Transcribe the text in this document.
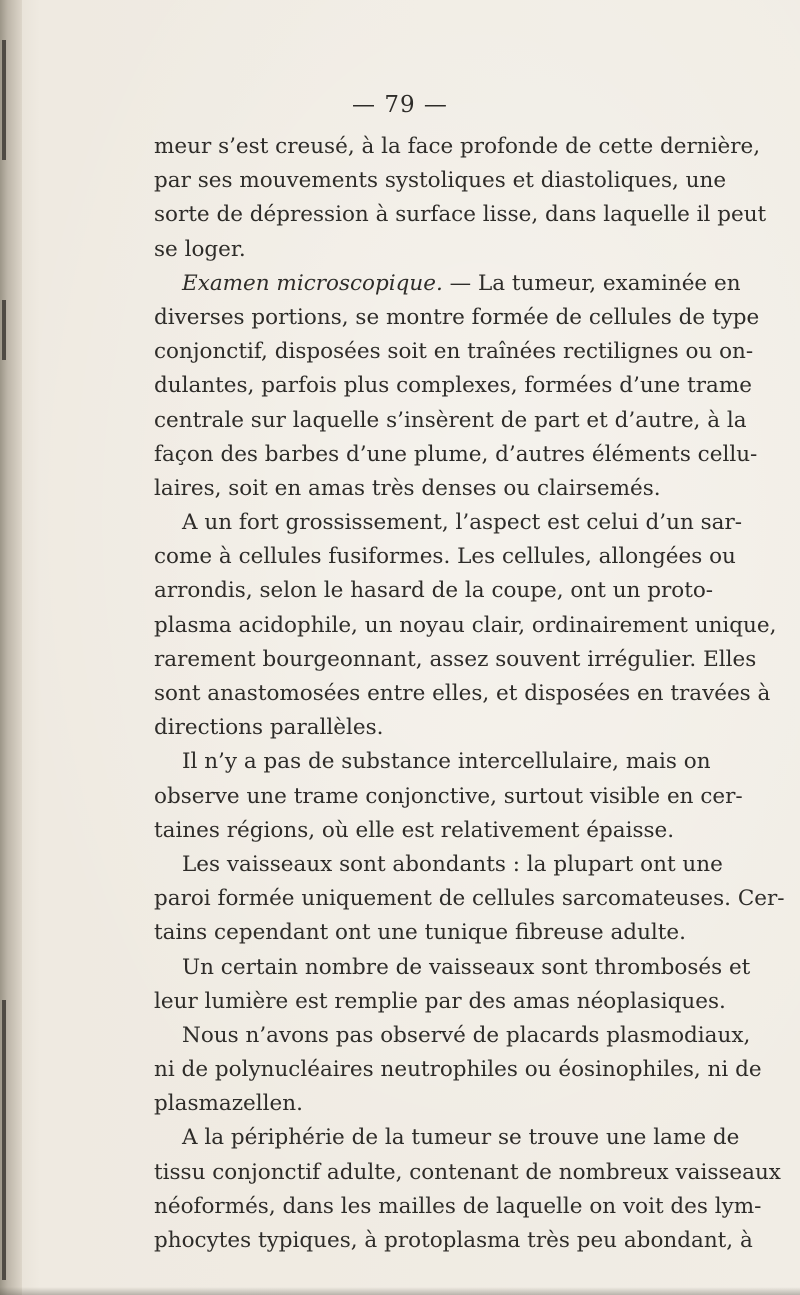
— 79 —
meur s’est creusé, à la face profonde de cette dernière,
par ses mouvements systoliques et diastoliques, une
sorte de dépression à surface lisse, dans laquelle il peut
se loger.
Examen microscopique. — La tumeur, examinée en
diverses portions, se montre formée de cellules de type
conjonctif, disposées soit en traînées rectilignes ou on-
dulantes, parfois plus complexes, formées d’une trame
centrale sur laquelle s’insèrent de part et d’autre, à la
façon des barbes d’une plume, d’autres éléments cellu-
laires, soit en amas très denses ou clairsemés.
A un fort grossissement, l’aspect est celui d’un sar-
come à cellules fusiformes. Les cellules, allongées ou
arrondis, selon le hasard de la coupe, ont un proto-
plasma acidophile, un noyau clair, ordinairement unique,
rarement bourgeonnant, assez souvent irrégulier. Elles
sont anastomosées entre elles, et disposées en travées à
directions parallèles.
Il n’y a pas de substance intercellulaire, mais on
observe une trame conjonctive, surtout visible en cer-
taines régions, où elle est relativement épaisse.
Les vaisseaux sont abondants : la plupart ont une
paroi formée uniquement de cellules sarcomateuses. Cer-
tains cependant ont une tunique fibreuse adulte.
Un certain nombre de vaisseaux sont thrombosés et
leur lumière est remplie par des amas néoplasiques.
Nous n’avons pas observé de placards plasmodiaux,
ni de polynucléaires neutrophiles ou éosinophiles, ni de
plasmazellen.
A la périphérie de la tumeur se trouve une lame de
tissu conjonctif adulte, contenant de nombreux vaisseaux
néoformés, dans les mailles de laquelle on voit des lym-
phocytes typiques, à protoplasma très peu abondant, à
